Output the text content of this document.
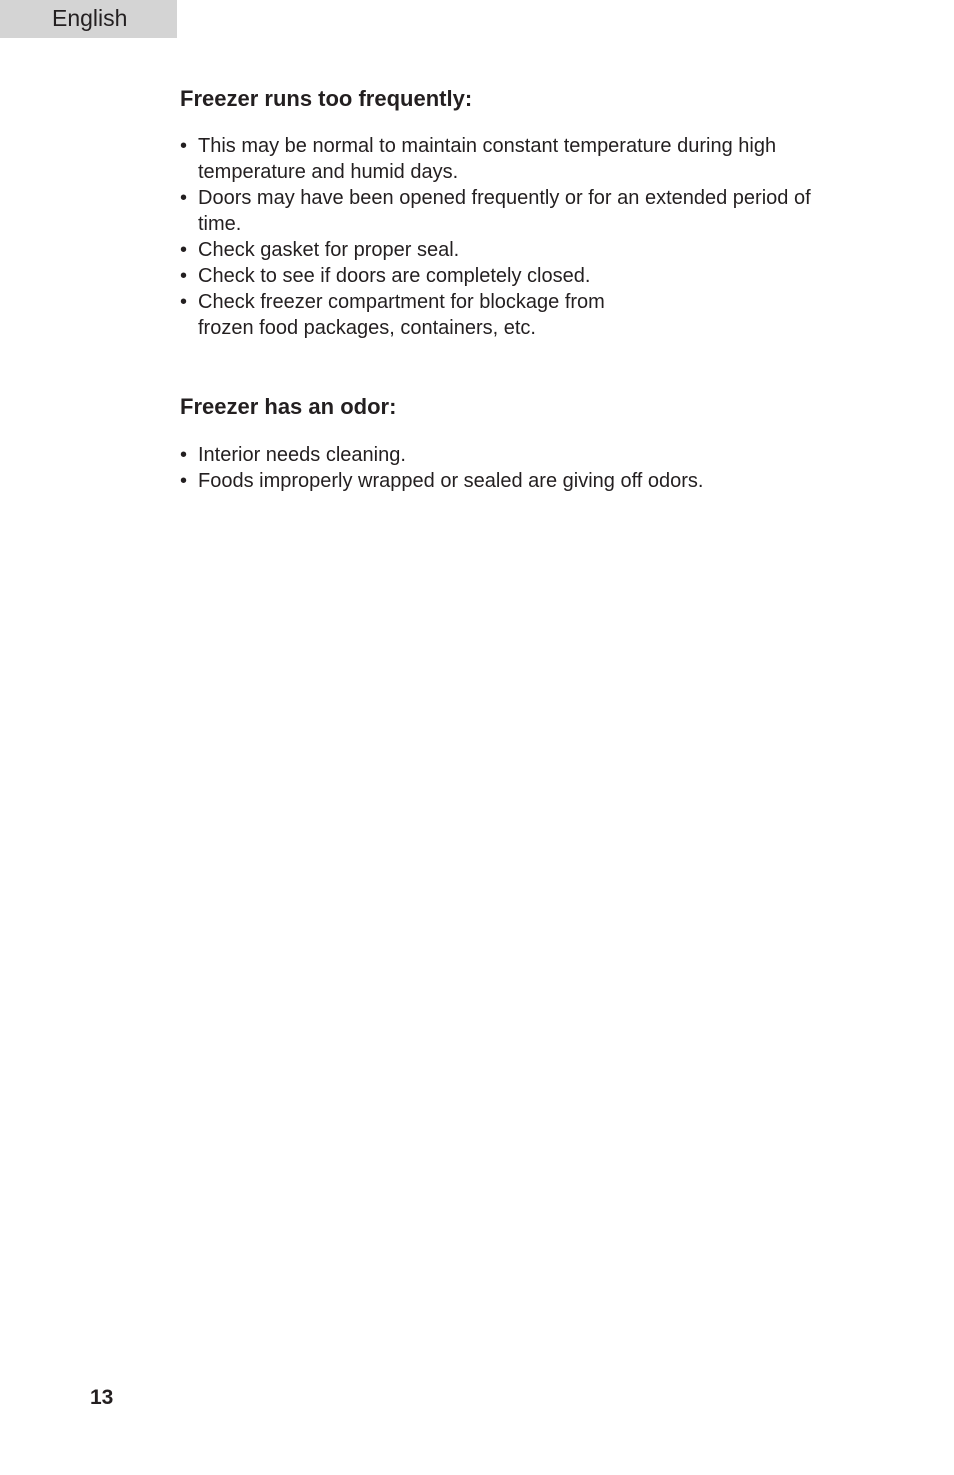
English
Freezer runs too frequently:
• This may be normal to maintain constant temperature during high temperature and humid days.
• Doors may have been opened frequently or for an extended period of time.
• Check gasket for proper seal.
• Check to see if doors are completely closed.
• Check freezer compartment for blockage from frozen food packages, containers, etc.
Freezer has an odor:
• Interior needs cleaning.
• Foods improperly wrapped or sealed are giving off odors.
13
